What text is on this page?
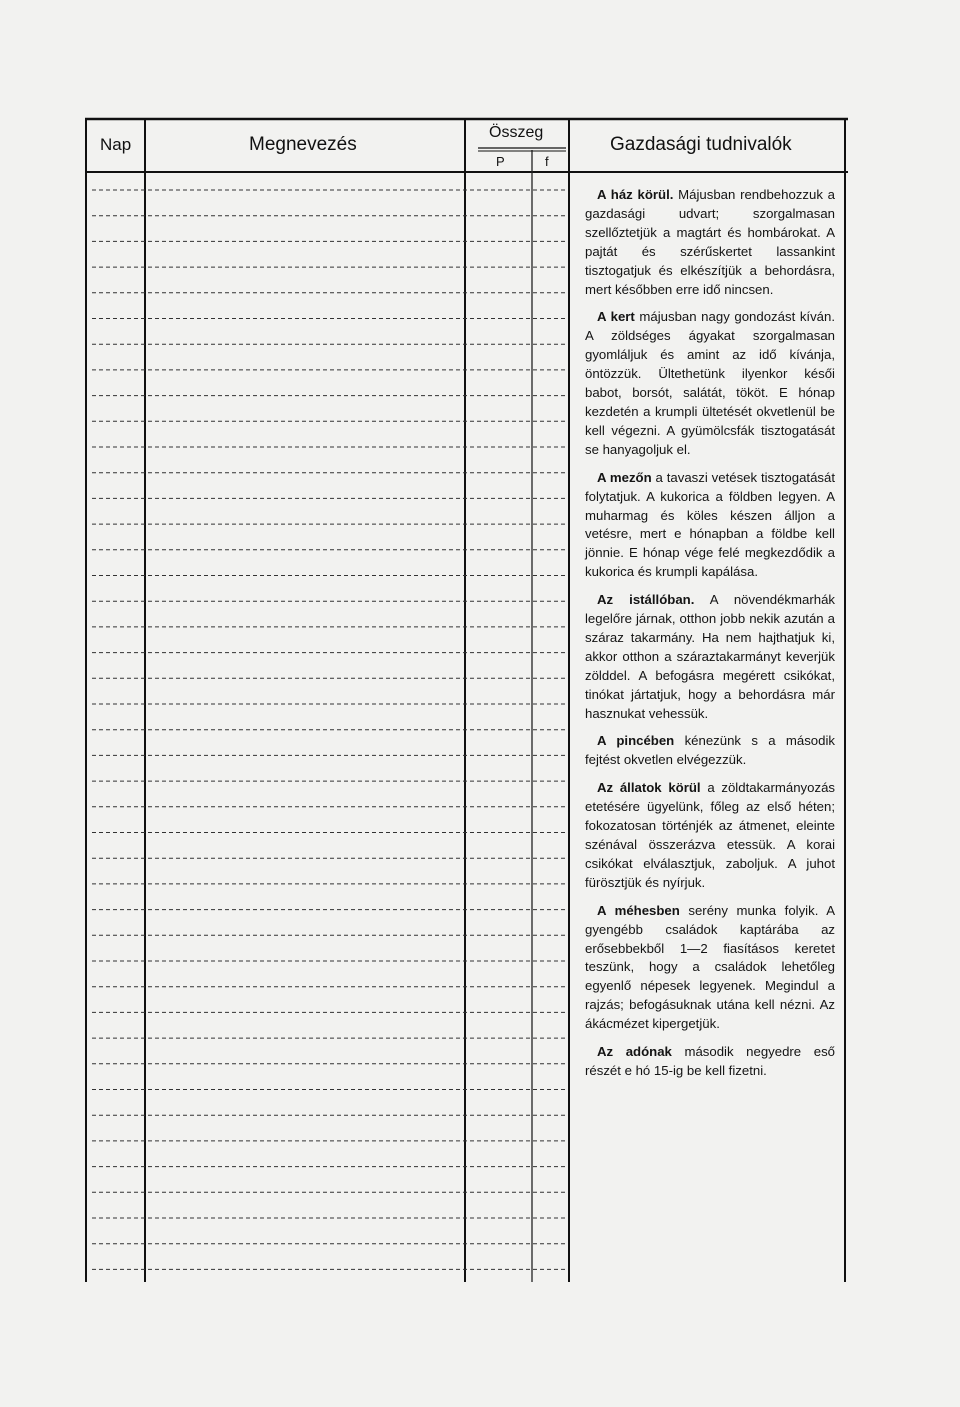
Nap	Megnevezés
Összeg
P	f
Gazdasági tudnivalók

A ház körül. Májusban rendbehozzuk a gazdasági udvart; szorgalmasan szellőztetjük a magtárt és hombárokat. A pajtát és szérűskertet lassankint tisztogatjuk és elkészítjük a behordásra, mert későbben erre idő nincsen.

A kert májusban nagy gondozást kíván. A zöldséges ágyakat szorgalmasan gyomláljuk és amint az idő kívánja, öntözzük. Ültethetünk ilyenkor késői babot, borsót, salátát, tököt. E hónap kezdetén a krumpli ültetését okvetlenül be kell végezni. A gyümölcsfák tisztogatását se hanyagoljuk el.

A mezőn a tavaszi vetések tisztogatását folytatjuk. A kukorica a földben legyen. A muharmag és köles készen álljon a vetésre, mert e hónapban a földbe kell jönnie. E hónap vége felé megkezdődik a kukorica és krumpli kapálása.

Az istállóban. A növendékmarhák legelőre járnak, otthon jobb nekik azután a száraz takarmány. Ha nem hajthatjuk ki, akkor otthon a száraztakarmányt keverjük zölddel. A befogásra megérett csikókat, tinókat jártatjuk, hogy a behordásra már hasznukat vehessük.

A pincében kénezünk s a második fejtést okvetlen elvégezzük.

Az állatok körül a zöldtakarmányozás etetésére ügyelünk, főleg az első héten; fokozatosan történjék az átmenet, eleinte szénával összerázva etessük. A korai csikókat elválasztjuk, zaboljuk. A juhot fürösztjük és nyírjuk.

A méhesben serény munka folyik. A gyengébb családok kaptárába az erősebbekből 1—2 fiasításos keretet teszünk, hogy a családok lehetőleg egyenlő népesek legyenek. Megindul a rajzás; befogásuknak utána kell nézni. Az ákácmézet kipergetjük.

Az adónak második negyedre eső részét e hó 15-ig be kell fizetni.
